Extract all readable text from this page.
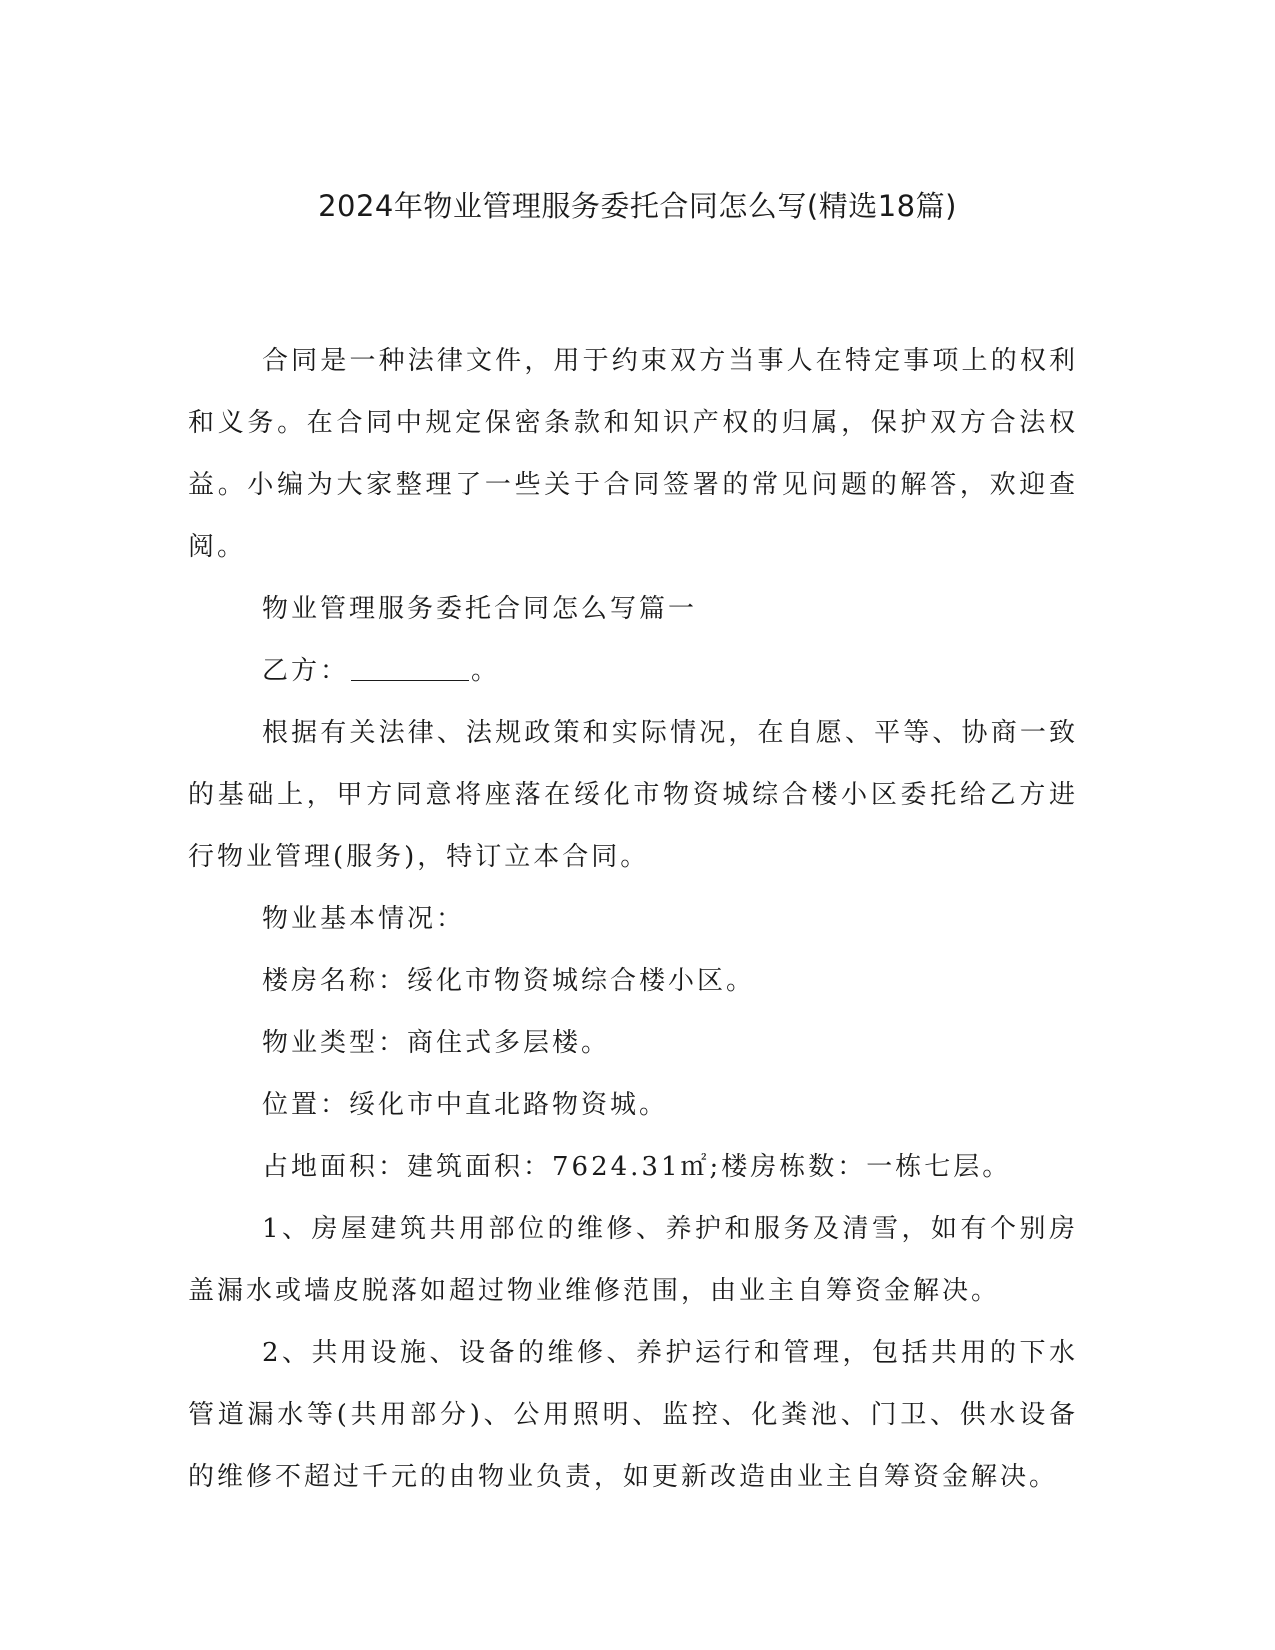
2024年物业管理服务委托合同怎么写(精选18篇)

合同是一种法律文件，用于约束双方当事人在特定事项上的权利和义务。在合同中规定保密条款和知识产权的归属，保护双方合法权益。小编为大家整理了一些关于合同签署的常见问题的解答，欢迎查阅。

物业管理服务委托合同怎么写篇一

乙方：	。

根据有关法律、法规政策和实际情况，在自愿、平等、协商一致的基础上，甲方同意将座落在绥化市物资城综合楼小区委托给乙方进行物业管理(服务)，特订立本合同。

物业基本情况：

楼房名称：绥化市物资城综合楼小区。

物业类型：商住式多层楼。

位置：绥化市中直北路物资城。

占地面积：建筑面积：7624.31㎡;楼房栋数：一栋七层。

1、房屋建筑共用部位的维修、养护和服务及清雪，如有个别房盖漏水或墙皮脱落如超过物业维修范围，由业主自筹资金解决。

2、共用设施、设备的维修、养护运行和管理，包括共用的下水管道漏水等(共用部分)、公用照明、监控、化粪池、门卫、供水设备的维修不超过千元的由物业负责，如更新改造由业主自筹资金解决。
